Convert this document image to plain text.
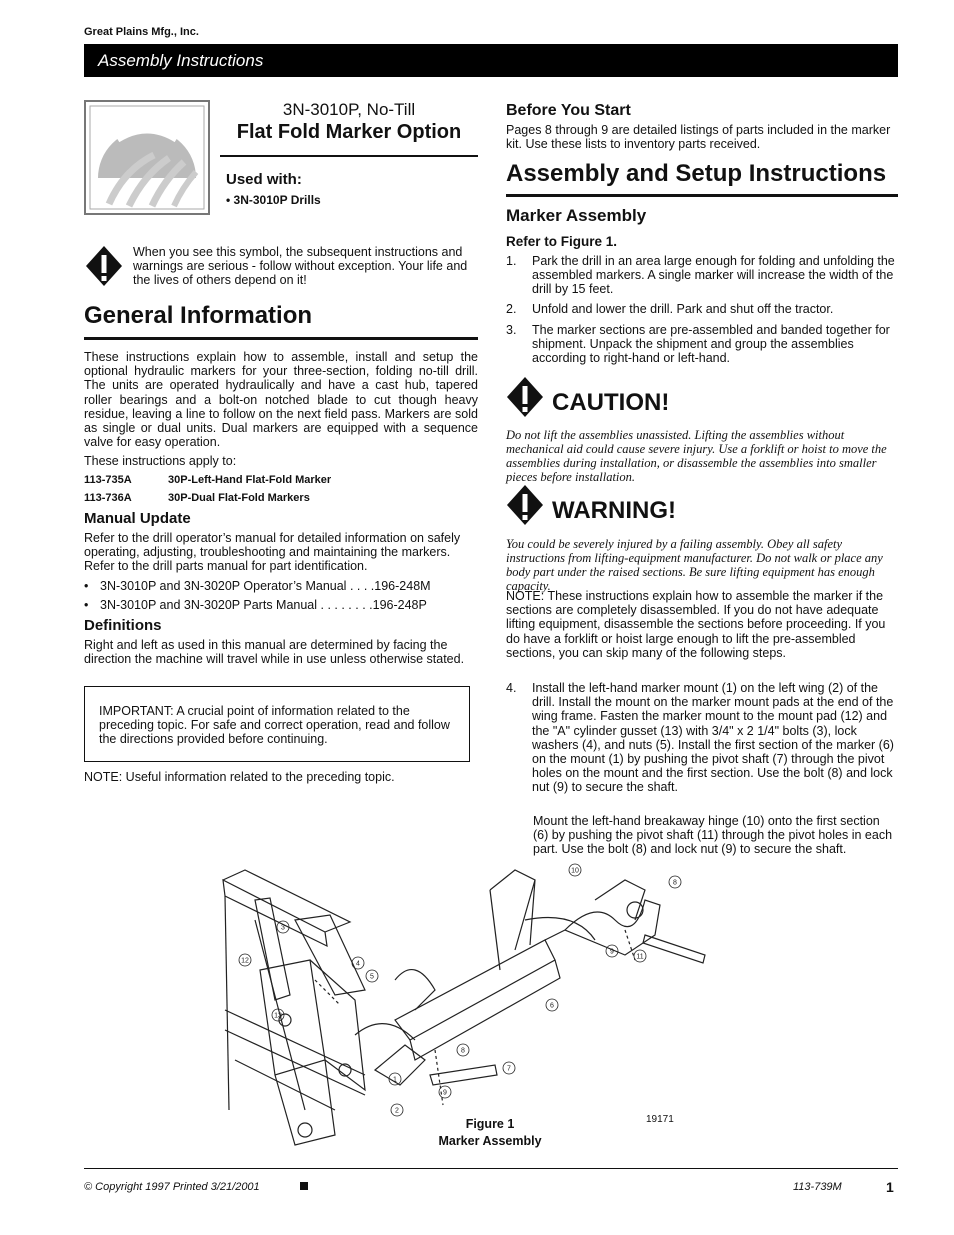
Great Plains Mfg., Inc.
Assembly Instructions
3N-3010P, No-Till
Flat Fold Marker Option
Used with:
• 3N-3010P Drills

When you see this symbol, the subsequent instructions and warnings are serious - follow without exception. Your life and the lives of others depend on it!

General Information

These instructions explain how to assemble, install and setup the optional hydraulic markers for your three-section, folding no-till drill. The units are operated hydraulically and have a cast hub, tapered roller bearings and a bolt-on notched blade to cut though heavy residue, leaving a line to follow on the next field pass. Markers are sold as single or dual units. Dual markers are equipped with a sequence valve for easy operation.

These instructions apply to:

113-735A	30P-Left-Hand Flat-Fold Marker
113-736A	30P-Dual Flat-Fold Markers
Manual Update

Refer to the drill operator’s manual for detailed information on safely operating, adjusting, troubleshooting and maintaining the markers. Refer to the drill parts manual for part identification.

• 3N-3010P and 3N-3020P Operator’s Manual . . . .196-248M
• 3N-3010P and 3N-3020P Parts Manual . . . . . . . .196-248P
Definitions

Right and left as used in this manual are determined by facing the direction the machine will travel while in use unless otherwise stated.

IMPORTANT: A crucial point of information related to the preceding topic. For safe and correct operation, read and follow the directions provided before continuing.

NOTE: Useful information related to the preceding topic.

Before You Start

Pages 8 through 9 are detailed listings of parts included in the marker kit. Use these lists to inventory parts received.

Assembly and Setup Instructions
Marker Assembly
Refer to Figure 1.
1.	Park the drill in an area large enough for folding and unfolding the assembled markers. A single marker will increase the width of the drill by 15 feet.
2.	Unfold and lower the drill. Park and shut off the tractor.
3.	The marker sections are pre-assembled and banded together for shipment. Unpack the shipment and group the assemblies according to right-hand or left-hand.
CAUTION!

Do not lift the assemblies unassisted. Lifting the assemblies without mechanical aid could cause severe injury. Use a forklift or hoist to move the assemblies during installation, or disassemble the assemblies into smaller pieces before installation.

WARNING!

You could be severely injured by a failing assembly. Obey all safety instructions from lifting-equipment manufacturer. Do not walk or place any body part under the raised sections. Be sure lifting equipment has enough capacity.

NOTE: These instructions explain how to assemble the marker if the sections are completely disassembled. If you do not have adequate lifting equipment, disassemble the sections before proceeding. If you do have a forklift or hoist large enough to lift the pre-assembled sections, you can skip many of the following steps.

4.	Install the left-hand marker mount (1) on the left wing (2) of the drill. Install the mount on the marker mount pads at the end of the wing frame. Fasten the marker mount to the mount pad (12) and the "A" cylinder gusset (13) with 3/4" x 2 1/4" bolts (3), lock washers (4), and nuts (5). Install the first section of the marker (6) on the mount (1) by pushing the pivot shaft (7) through the pivot holes on the mount and the first section. Use the bolt (8) and lock nut (9) to secure the shaft.

Mount the left-hand breakaway hinge (10) onto the first section (6) by pushing the pivot shaft (11) through the pivot holes in each part. Use the bolt (8) and lock nut (9) to secure the shaft.

10
8
3
12	4
5
13
6
9
11
8
7
1
9
2
Figure 1
Marker Assembly
19171
© Copyright 1997 Printed 3/21/2001	113-739M	1
